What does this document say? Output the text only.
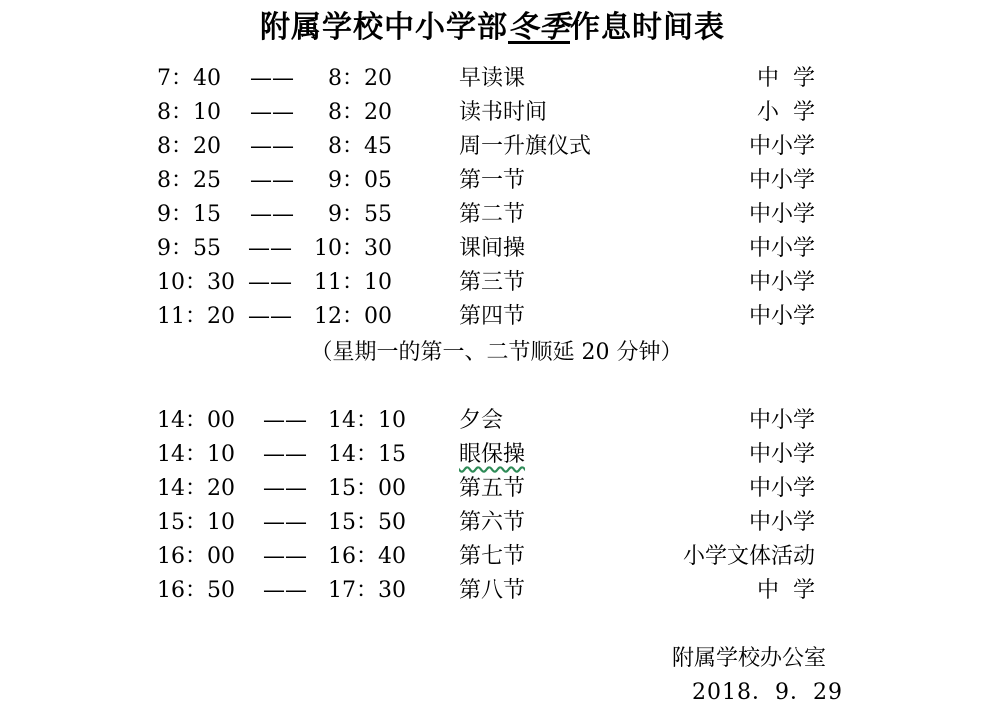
附属学校中小学部冬季作息时间表
7：40 —— 8：20	早读课	中  学
8：10 —— 8：20	读书时间	小  学
8：20 —— 8：45	周一升旗仪式	中小学
8：25 —— 9：05	第一节	中小学
9：15 —— 9：55	第二节	中小学
9：55 —— 10：30	课间操	中小学
10：30 —— 11：10	第三节	中小学
11：20 —— 12：00	第四节	中小学
（星期一的第一、二节顺延 20 分钟）
14：00 —— 14：10 夕会	中小学
14：10 —— 14：15 眼保操	中小学
14：20 —— 15：00 第五节	中小学
15：10 —— 15：50 第六节	中小学
16：00 —— 16：40 第七节	小学文体活动
16：50 —— 17：30 第八节	中  学
附属学校办公室
2018．9．29
